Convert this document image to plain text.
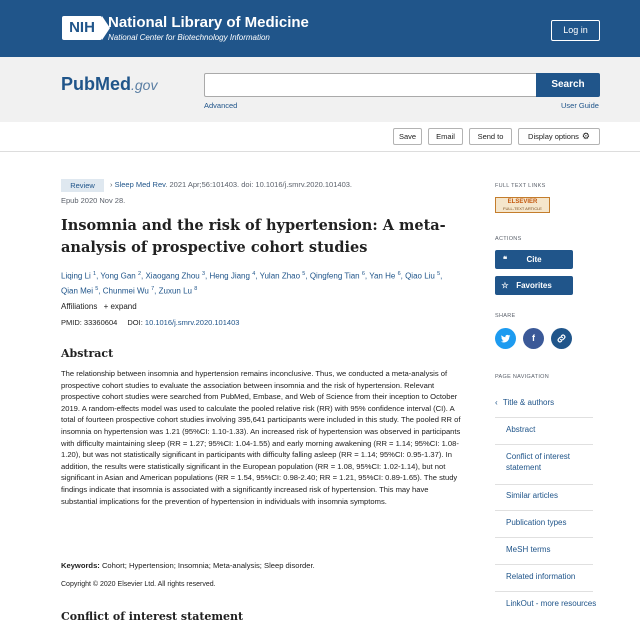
NIH National Library of Medicine
National Center for Biotechnology Information
Log in
PubMed.gov	Search
Advanced	User Guide
Save	Email	Send to	Display options ⚙
Review	› Sleep Med Rev. 2021 Apr;56:101403. doi: 10.1016/j.smrv.2020.101403.
Epub 2020 Nov 28.
Insomnia and the risk of hypertension: A meta-analysis of prospective cohort studies
Liqing Li $^1$, Yong Gan $^2$, Xiaogang Zhou $^3$, Heng Jiang $^4$, Yulan Zhao $^5$, Qingfeng Tian $^6$, Yan He $^6$, Qiao Liu $^5$, Qian Mei $^5$, Chunmei Wu $^7$, Zuxun Lu $^8$
Affiliations + expand
PMID: 33360604 DOI: 10.1016/j.smrv.2020.101403
Abstract

The relationship between insomnia and hypertension remains inconclusive. Thus, we conducted a meta-analysis of prospective cohort studies to evaluate the association between insomnia and the risk of hypertension. Relevant prospective cohort studies were searched from PubMed, Embase, and Web of Science from their inception to October 2019. A random-effects model was used to calculate the pooled relative risk (RR) with 95% confidence interval (CI). A total of fourteen prospective cohort studies involving 395,641 participants were included in this study. The pooled RR of insomnia on hypertension was 1.21 (95%CI: 1.10-1.33). An increased risk of hypertension was observed in participants with difficulty maintaining sleep (RR = 1.27; 95%CI: 1.04-1.55) and early morning awakening (RR = 1.14; 95%CI: 1.08-1.20), but was not statistically significant in participants with difficulty falling asleep (RR = 1.14; 95%CI: 0.95-1.37). In addition, the results were statistically significant in the European population (RR = 1.08, 95%CI: 1.02-1.14), but not significant in Asian and American populations (RR = 1.54, 95%CI: 0.98-2.40; RR = 1.21, 95%CI: 0.89-1.65). The study findings indicate that insomnia is associated with a significantly increased risk of hypertension. This may have substantial implications for the prevention of hypertension in individuals with insomnia symptoms.

Keywords: Cohort; Hypertension; Insomnia; Meta-analysis; Sleep disorder.
Copyright © 2020 Elsevier Ltd. All rights reserved.
Conflict of interest statement
FULL TEXT LINKS
ELSEVIER
FULL-TEXT ARTICLE
ACTIONS
❝	Cite
☆ Favorites
SHARE
f
PAGE NAVIGATION
‹ Title & authors
Abstract
Conflict of interest statement
Similar articles
Publication types
MeSH terms
Related information
LinkOut - more resources
